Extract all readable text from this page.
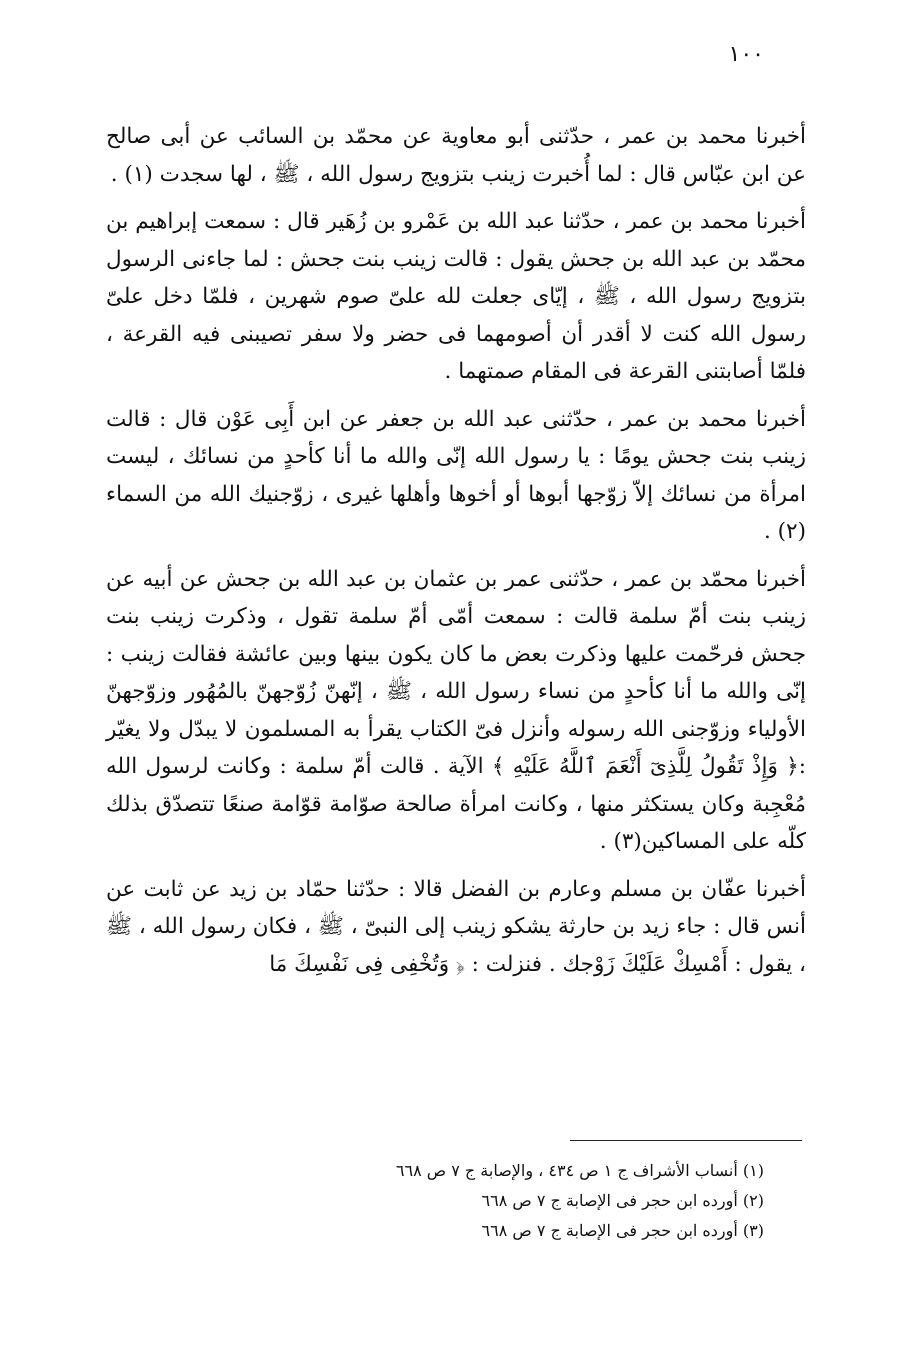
١٠٠

أخبرنا محمد بن عمر ، حدّثنى أبو معاوية عن محمّد بن السائب عن أبى صالح عن ابن عبّاس قال : لما أُخبرت زينب بتزويج رسول الله ، ﷺ ، لها سجدت (١) .

أخبرنا محمد بن عمر ، حدّثنا عبد الله بن عَمْرو بن زُهَير قال : سمعت إبراهيم بن محمّد بن عبد الله بن جحش يقول : قالت زينب بنت جحش : لما جاءنى الرسول بتزويج رسول الله ، ﷺ ، إيّاى جعلت لله علىّ صوم شهرين ، فلمّا دخل علىّ رسول الله كنت لا أقدر أن أصومهما فى حضر ولا سفر تصيبنى فيه القرعة ، فلمّا أصابتنى القرعة فى المقام صمتهما .

أخبرنا محمد بن عمر ، حدّثنى عبد الله بن جعفر عن ابن أَبِى عَوْن قال : قالت زينب بنت جحش يومًا : يا رسول الله إنّى والله ما أنا كأحدٍ من نسائك ، ليست امرأة من نسائك إلاّ زوّجها أبوها أو أخوها وأهلها غيرى ، زوّجنيك الله من السماء (٢) .

أخبرنا محمّد بن عمر ، حدّثنى عمر بن عثمان بن عبد الله بن جحش عن أبيه عن زينب بنت أمّ سلمة قالت : سمعت أمّى أمّ سلمة تقول ، وذكرت زينب بنت جحش فرحّمت عليها وذكرت بعض ما كان يكون بينها وبين عائشة فقالت زينب : إنّى والله ما أنا كأحدٍ من نساء رسول الله ، ﷺ ، إنّهنّ زُوّجهنّ بالمُهُور وزوّجهنّ الأولياء وزوّجنى الله رسوله وأنزل فىّ الكتاب يقرأ به المسلمون لا يبدّل ولا يغيّر :﴿ وَإِذْ تَقُولُ لِلَّذِىٓ أَنْعَمَ ٱللَّهُ عَلَيْهِ ﴾ الآية . قالت أمّ سلمة : وكانت لرسول الله مُعْجِبة وكان يستكثر منها ، وكانت امرأة صالحة صوّامة قوّامة صنعًا تتصدّق بذلك كلّه على المساكين(٣) .

أخبرنا عفّان بن مسلم وعارم بن الفضل قالا : حدّثنا حمّاد بن زيد عن ثابت عن أنس قال : جاء زيد بن حارثة يشكو زينب إلى النبىّ ، ﷺ ، فكان رسول الله ، ﷺ ، يقول : أَمْسِكْ عَلَيْكَ زَوْجك . فنزلت : ﴿ وَتُخْفِى فِى نَفْسِكَ مَا

(١) أنساب الأشراف ج ١ ص ٤٣٤ ، والإصابة ج ٧ ص ٦٦٨
(٢) أورده ابن حجر فى الإصابة ج ٧ ص ٦٦٨
(٣) أورده ابن حجر فى الإصابة ج ٧ ص ٦٦٨
